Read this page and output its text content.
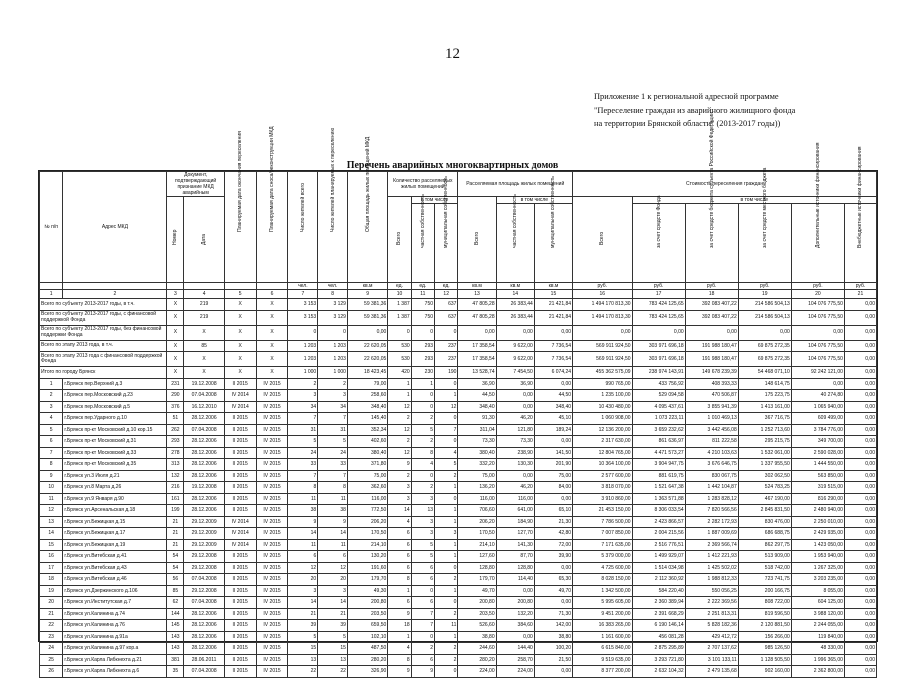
12
Приложение 1 к региональной адресной программе
"Переселение граждан из аварийного жилищного фонда
на территории Брянской области" (2013-2017 годы))
Перечень аварийных многоквартирных домов
№ п/п	Адрес МКД	Документ, подтверждающий признание МКД аварийным		Планируемая дата окончания переселения	Планируемая дата сноса/реконструкции МКД	Число жителей всего	Число жителей планируемых к переселению	Общая площадь жилых помещений МКД	Количество расселяемых жилых помещений			Расселяемая площадь жилых помещений			Стоимость переселения граждан					
		Номер	Дата						Всего	в том числе		Всего	в том числе		Всего	в том числе				
										частная собственность	муниципальная собственность		частная собственность	муниципальная собственность		за счет средств Фонда	за счет средств бюджета субъекта Российской Федерации	за счет средств местного бюджета	Дополнительные источники финансирования	Внебюджетные источники финансирования
						чел.	чел.	кв.м	ед.	ед.	ед.	кв.м	кв.м	кв.м	руб.	руб.	руб.	руб.	руб.	руб.
1	2	3	4	5	6	7	8	9	10	11	12	13	14	15	16	17	18	19	20	21
Всего по субъекту 2013-2017 годы, в т.ч.		Х	219	Х	Х	3 153	3 129	59 381,36	1 387	750	637	47 805,28	26 383,44	21 421,84	1 494 170 813,30	783 424 125,65	392 083 407,22	214 586 504,13	104 076 775,50	0,00
Всего по субъекту 2013-2017 годы, с финансовой поддержкой Фонда		Х	219	Х	Х	3 153	3 129	59 381,36	1 387	750	637	47 805,28	26 383,44	21 421,84	1 494 170 813,30	783 424 125,65	392 083 407,22	214 586 504,13	104 076 775,50	0,00
Всего по субъекту 2013-2017 годы, без финансовой поддержки Фонда		Х	Х	Х	Х	0	0	0,00	0	0	0	0,00	0,00	0,00	0,00	0,00	0,00	0,00	0,00	0,00
Всего по этапу 2013 года, в т.ч.		Х	85	Х	Х	1 203	1 203	22 620,05	530	293	237	17 358,54	9 622,00	7 736,54	569 911 924,50	303 971 696,18	191 988 180,47	69 875 272,35	104 076 775,50	0,00
Всего по этапу 2013 года с финансовой поддержкой Фонда		Х	Х	Х	Х	1 203	1 203	22 620,05	530	293	237	17 358,54	9 622,00	7 736,54	569 911 924,50	303 971 696,18	191 988 180,47	69 875 272,35	104 076 775,50	0,00
Итого по городу Брянск		Х	Х	Х	Х	1 000	1 000	18 423,45	420	230	190	13 528,74	7 454,50	6 074,24	455 362 575,09	238 974 143,91	149 678 239,39	54 468 071,10	92 242 121,00	0,00
1	г.Брянск пер.Верхний д.3	231	19.12.2008	II 2015	IV 2015	2	2	79,00	1	1	0	36,90	36,90	0,00	990 765,00	433 756,92	408 393,33	148 614,75	0,00	0,00
2	г.Брянск пер.Московский д.23	290	07.04.2008	IV 2014	IV 2015	3	3	258,60	1	0	1	44,50	0,00	44,50	1 235 100,00	529 094,58	470 506,87	175 223,75	40 274,80	0,00
3	г.Брянск пер.Московский д.5	376	16.12.2010	IV 2014	IV 2015	34	34	348,40	12	0	12	348,40	0,00	348,40	10 430 480,00	4 095 437,61	3 855 941,39	1 413 161,00	1 065 940,00	0,00
4	г.Брянск пер.Ударного д.10	51	28.12.2006	II 2015	IV 2015	7	7	145,40	2	2	0	91,30	46,20	45,10	1 060 908,00	1 073 223,11	1 010 469,13	367 716,75	609 499,00	0,00
5	г.Брянск пр-кт Московский д.10 кор.15	262	07.04.2008	II 2015	IV 2015	31	31	352,34	12	5	7	311,04	121,80	189,24	12 136 200,00	3 659 232,62	3 442 456,08	1 252 713,60	3 784 776,00	0,00
6	г.Брянск пр-кт Московский д.31	293	28.12.2006	II 2015	IV 2015	5	5	402,60	2	2	0	73,30	73,30	0,00	2 317 630,00	861 636,97	811 222,58	295 215,75	349 700,00	0,00
7	г.Брянск пр-кт Московский д.33	278	28.12.2006	II 2015	IV 2015	24	24	380,40	12	8	4	380,40	238,90	141,50	12 804 765,00	4 471 573,27	4 210 103,63	1 532 061,00	2 590 028,00	0,00
8	г.Брянск пр-кт Московский д.35	313	28.12.2006	II 2015	IV 2015	33	33	371,80	9	4	5	332,20	130,30	201,90	10 364 100,00	3 904 947,75	3 676 646,75	1 337 955,50	1 444 550,00	0,00
9	г.Брянск ул.3 Июля д.21	132	28.12.2006	II 2015	IV 2015	7	7	75,00	2	0	2	75,00	0,00	75,00	2 577 600,00	881 619,75	830 067,75	302 062,50	563 850,00	0,00
10	г.Брянск ул.8 Марта д.26	216	19.12.2008	II 2015	IV 2015	8	8	362,60	3	2	1	136,20	46,20	84,00	3 818 070,00	1 521 647,38	1 442 104,87	524 783,25	319 515,00	0,00
11	г.Брянск ул.9 Января д.90	161	28.12.2006	II 2015	IV 2015	11	11	116,00	3	3	0	116,00	116,00	0,00	3 910 860,00	1 363 571,88	1 283 828,12	467 190,00	816 290,00	0,00
12	г.Брянск ул.Арсенальская д.18	199	28.12.2006	II 2015	IV 2015	38	38	772,50	14	13	1	706,60	641,00	65,10	21 453 150,00	8 306 033,54	7 820 566,56	2 845 831,50	2 480 940,00	0,00
13	г.Брянск ул.Бежицкая д.15	21	29.12.2009	IV 2014	IV 2015	9	9	206,20	4	3	1	206,20	184,90	21,30	7 786 500,00	2 423 866,57	2 282 172,93	830 476,00	2 250 010,00	0,00
14	г.Брянск ул.Бежицкая д.17	21	29.12.2009	IV 2014	IV 2015	14	14	170,50	6	3	3	170,50	127,70	42,80	7 007 850,00	2 004 215,56	1 887 009,69	686 688,75	2 429 935,00	0,00
15	г.Брянск ул.Бежицкая д.19	21	29.12.2009	IV 2014	IV 2015	11	11	214,10	6	5	1	214,10	141,30	72,00	7 171 635,00	2 516 776,51	2 369 566,74	862 297,75	1 423 050,00	0,00
16	г.Брянск ул.Витебская д.41	54	29.12.2008	II 2015	IV 2015	6	6	130,20	6	5	1	127,60	87,70	39,90	5 379 000,00	1 499 929,07	1 412 221,93	513 909,00	1 953 940,00	0,00
17	г.Брянск ул.Витебская д.43	54	29.12.2008	II 2015	IV 2015	12	12	191,60	6	6	0	128,80	128,80	0,00	4 725 600,00	1 514 034,98	1 425 502,02	518 742,00	1 267 325,00	0,00
18	г.Брянск ул.Витебская д.46	56	07.04.2008	II 2015	IV 2015	20	20	179,70	8	6	2	179,70	114,40	65,30	8 028 150,00	2 112 360,92	1 988 812,33	723 741,75	3 203 235,00	0,00
19	г.Брянск ул.Дзержинского д.106	85	29.12.2008	II 2015	IV 2015	3	3	49,30	1	0	1	49,70	0,00	49,70	1 342 500,00	584 220,40	550 056,25	200 166,75	8 055,00	0,00
20	г.Брянск ул.Институтская д.7	62	07.04.2008	II 2015	IV 2015	14	14	200,80	6	6	0	200,80	200,80	0,00	5 995 605,00	2 360 389,94	2 222 369,56	808 722,00	604 125,00	0,00
21	г.Брянск ул.Калинина д.74	144	28.12.2006	II 2015	IV 2015	21	21	203,50	9	7	2	203,50	132,20	71,30	9 451 200,00	2 391 668,29	2 251 813,31	819 596,50	3 988 120,00	0,00
22	г.Брянск ул.Калинина д.76	145	28.12.2006	II 2015	IV 2015	39	39	659,50	18	7	11	526,60	384,60	142,00	16 383 265,00	6 190 146,14	5 828 182,36	2 120 881,50	2 244 055,00	0,00
23	г.Брянск ул.Калинина д.91а	143	28.12.2006	II 2015	IV 2015	5	5	102,10	1	0	1	38,80	0,00	38,80	1 161 600,00	456 081,28	429 412,72	156 266,00	119 840,00	0,00
24	г.Брянск ул.Калинина д.97 кор.а	143	28.12.2006	II 2015	IV 2015	15	15	487,50	4	2	2	244,60	144,40	100,20	6 615 840,00	2 875 295,89	2 707 137,62	985 126,50	48 330,00	0,00
25	г.Брянск ул.Карла Либкнехта д.21	381	28.06.2011	II 2015	IV 2015	13	13	280,20	8	6	2	280,20	258,70	21,50	9 519 635,00	3 293 721,80	3 101 133,11	1 128 505,50	1 996 365,00	0,00
26	г.Брянск ул.Карла Либкнехта д.6	35	07.04.2008	II 2015	IV 2015	22	22	326,90	9	9	0	224,00	224,00	0,00	8 377 200,00	2 632 104,32	2 479 135,68	902 160,00	2 362 800,00	0,00
